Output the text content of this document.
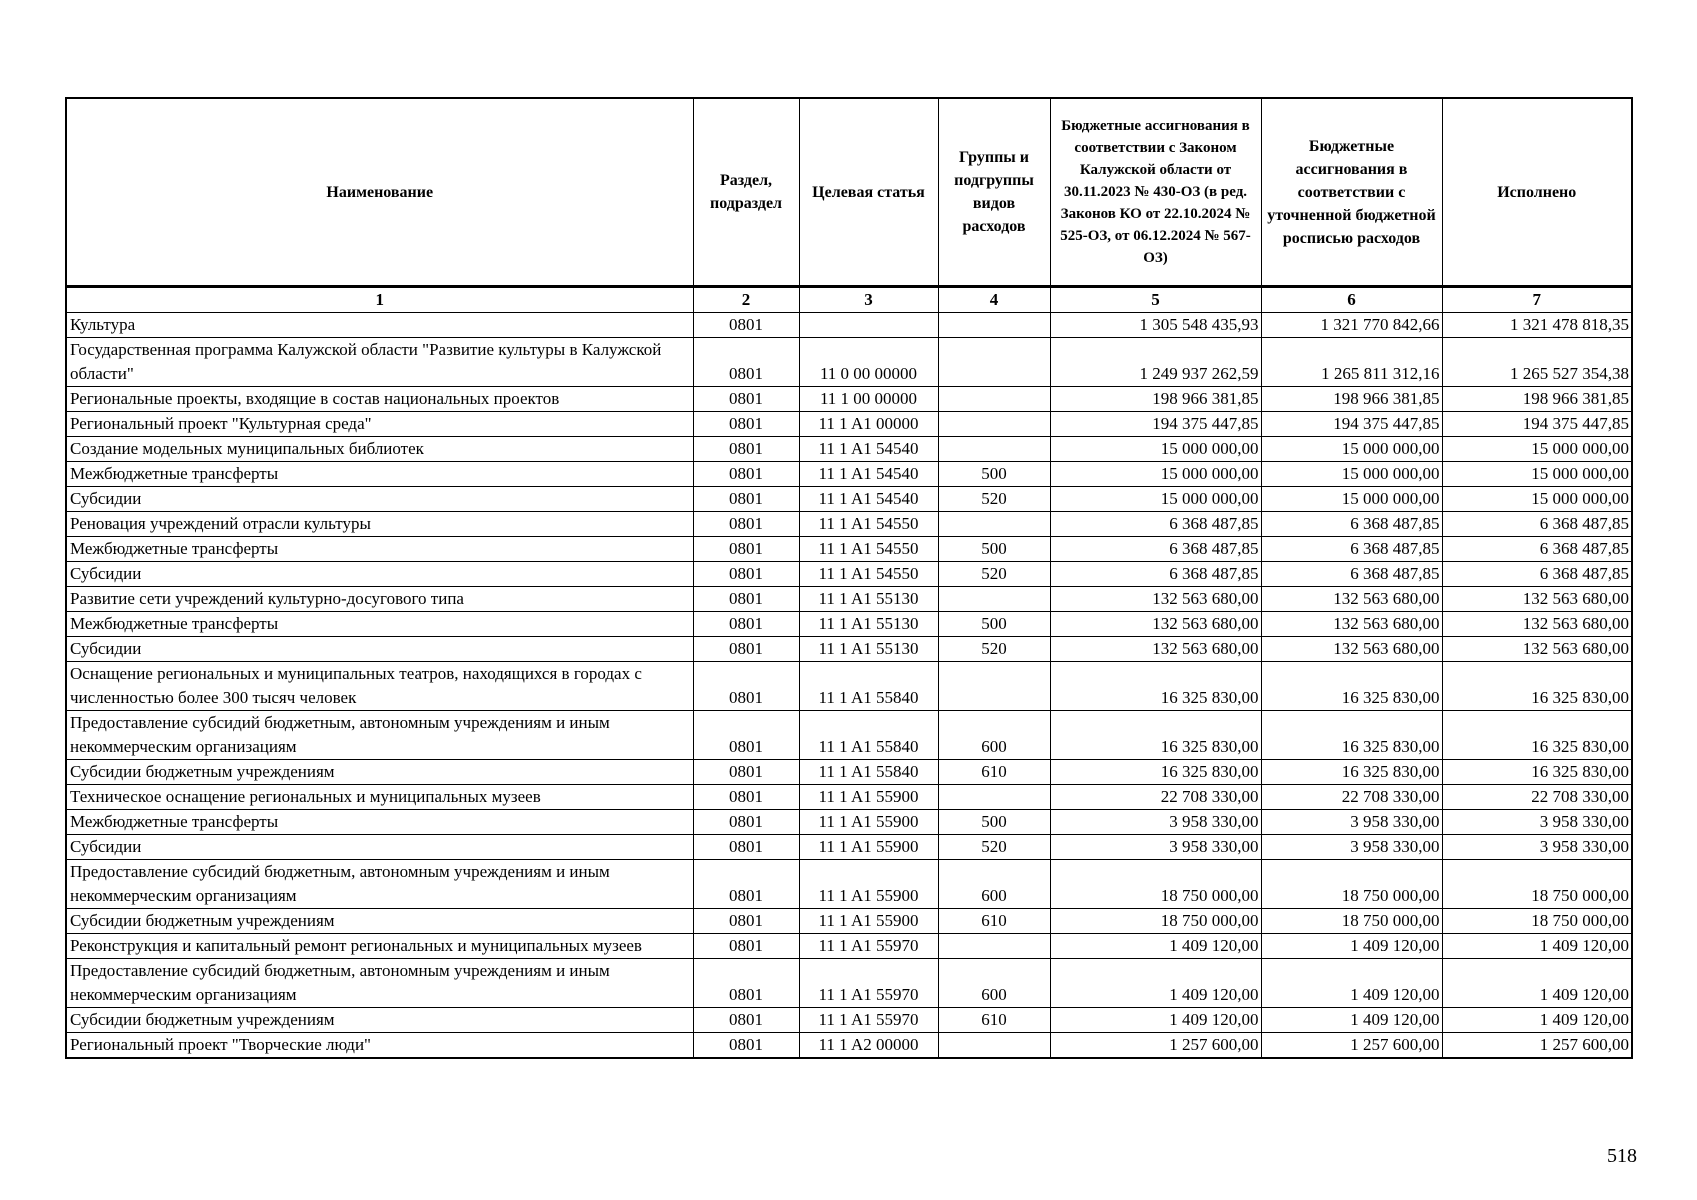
Наименование	Раздел, подраздел	Целевая статья	Группы и подгруппы видов расходов	Бюджетные ассигнования в соответствии с Законом Калужской области от 30.11.2023 № 430-ОЗ (в ред. Законов КО от 22.10.2024 № 525-ОЗ, от 06.12.2024 № 567-ОЗ)	Бюджетные ассигнования в соответствии с уточненной бюджетной росписью расходов	Исполнено
1	2	3	4	5	6	7
Культура	0801			1 305 548 435,93	1 321 770 842,66	1 321 478 818,35
Государственная программа Калужской области "Развитие культуры в Калужской области"	0801	11 0 00 00000		1 249 937 262,59	1 265 811 312,16	1 265 527 354,38
Региональные проекты, входящие в состав национальных проектов	0801	11 1 00 00000		198 966 381,85	198 966 381,85	198 966 381,85
Региональный проект "Культурная среда"	0801	11 1 A1 00000		194 375 447,85	194 375 447,85	194 375 447,85
Создание модельных муниципальных библиотек	0801	11 1 A1 54540		15 000 000,00	15 000 000,00	15 000 000,00
Межбюджетные трансферты	0801	11 1 A1 54540	500	15 000 000,00	15 000 000,00	15 000 000,00
Субсидии	0801	11 1 A1 54540	520	15 000 000,00	15 000 000,00	15 000 000,00
Реновация учреждений отрасли культуры	0801	11 1 A1 54550		6 368 487,85	6 368 487,85	6 368 487,85
Межбюджетные трансферты	0801	11 1 A1 54550	500	6 368 487,85	6 368 487,85	6 368 487,85
Субсидии	0801	11 1 A1 54550	520	6 368 487,85	6 368 487,85	6 368 487,85
Развитие сети учреждений культурно-досугового типа	0801	11 1 A1 55130		132 563 680,00	132 563 680,00	132 563 680,00
Межбюджетные трансферты	0801	11 1 A1 55130	500	132 563 680,00	132 563 680,00	132 563 680,00
Субсидии	0801	11 1 A1 55130	520	132 563 680,00	132 563 680,00	132 563 680,00
Оснащение региональных и муниципальных театров, находящихся в городах с численностью более 300 тысяч человек	0801	11 1 A1 55840		16 325 830,00	16 325 830,00	16 325 830,00
Предоставление субсидий бюджетным, автономным учреждениям и иным некоммерческим организациям	0801	11 1 A1 55840	600	16 325 830,00	16 325 830,00	16 325 830,00
Субсидии бюджетным учреждениям	0801	11 1 A1 55840	610	16 325 830,00	16 325 830,00	16 325 830,00
Техническое оснащение региональных и муниципальных музеев	0801	11 1 A1 55900		22 708 330,00	22 708 330,00	22 708 330,00
Межбюджетные трансферты	0801	11 1 A1 55900	500	3 958 330,00	3 958 330,00	3 958 330,00
Субсидии	0801	11 1 A1 55900	520	3 958 330,00	3 958 330,00	3 958 330,00
Предоставление субсидий бюджетным, автономным учреждениям и иным некоммерческим организациям	0801	11 1 A1 55900	600	18 750 000,00	18 750 000,00	18 750 000,00
Субсидии бюджетным учреждениям	0801	11 1 A1 55900	610	18 750 000,00	18 750 000,00	18 750 000,00
Реконструкция и капитальный ремонт региональных и муниципальных музеев	0801	11 1 A1 55970		1 409 120,00	1 409 120,00	1 409 120,00
Предоставление субсидий бюджетным, автономным учреждениям и иным некоммерческим организациям	0801	11 1 A1 55970	600	1 409 120,00	1 409 120,00	1 409 120,00
Субсидии бюджетным учреждениям	0801	11 1 A1 55970	610	1 409 120,00	1 409 120,00	1 409 120,00
Региональный проект "Творческие люди"	0801	11 1 A2 00000		1 257 600,00	1 257 600,00	1 257 600,00
518
